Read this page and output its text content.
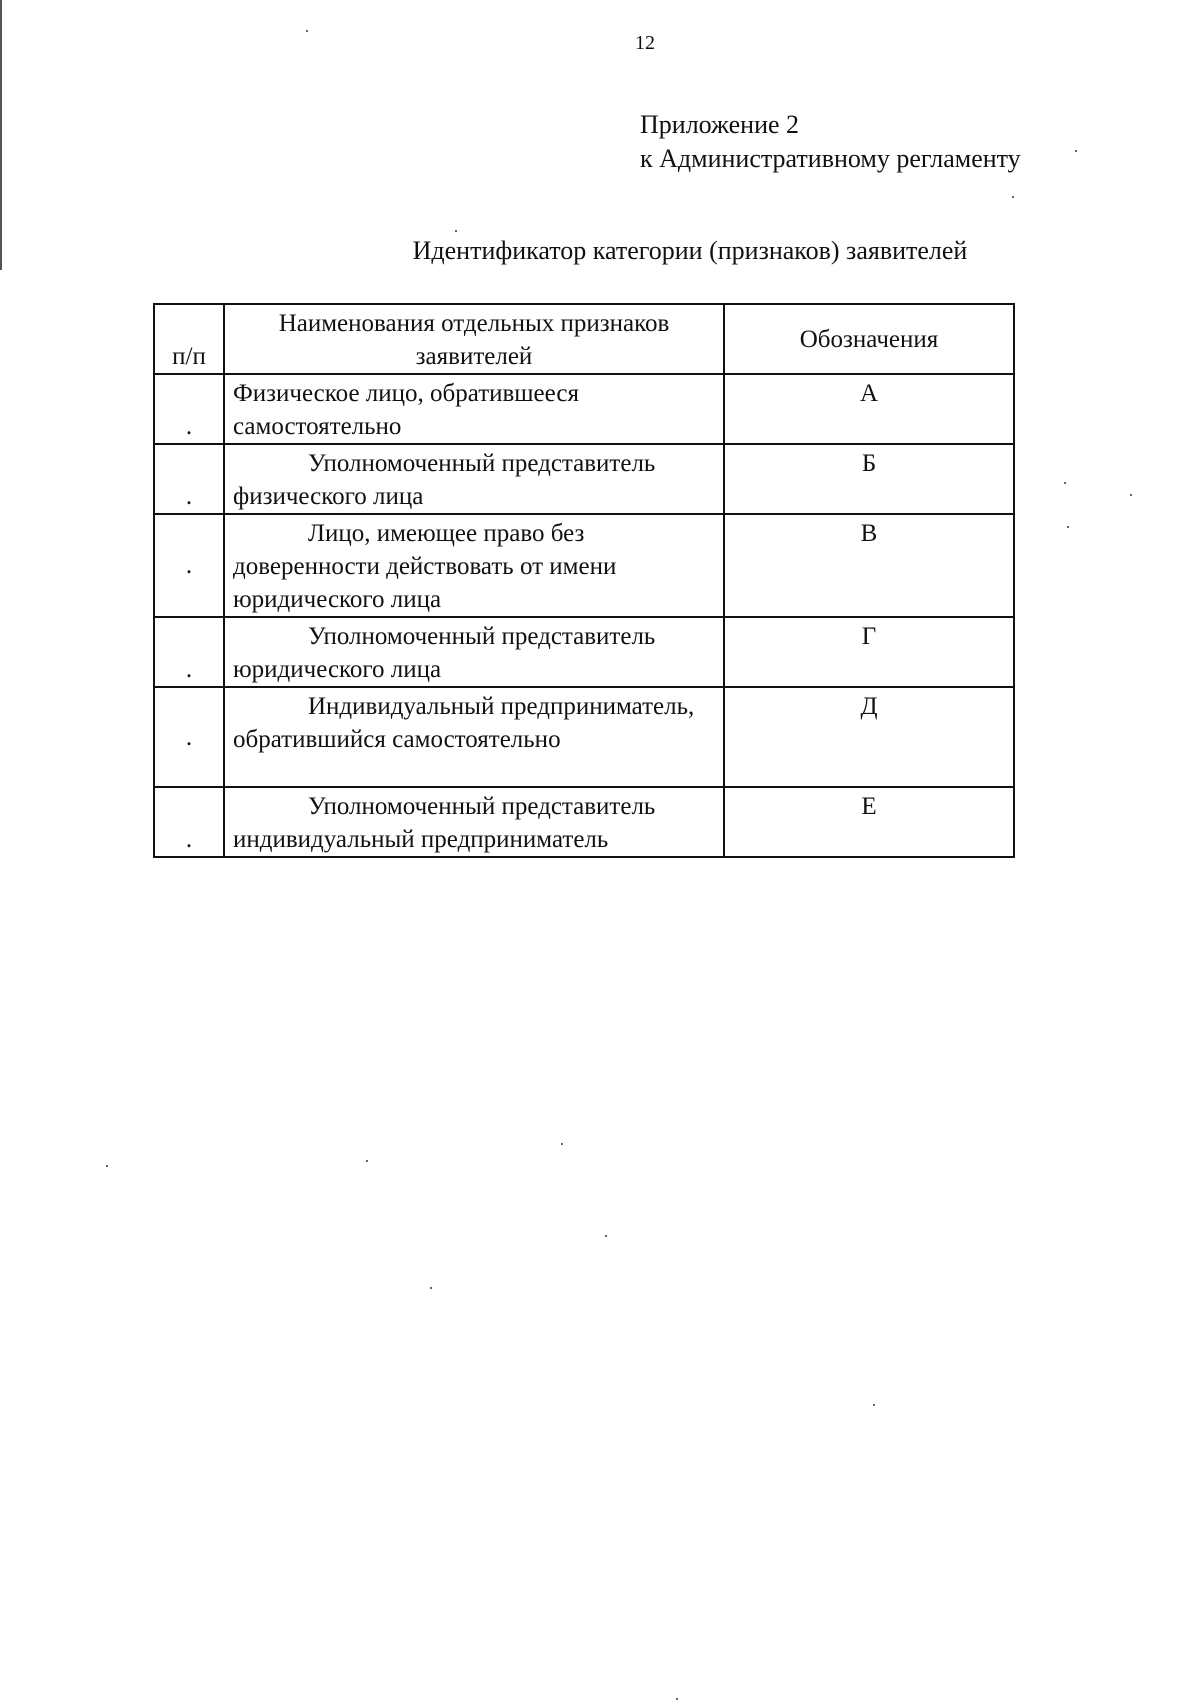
12
Приложение 2
к Административному регламенту
Идентификатор категории (признаков) заявителей
п/п	Наименования отдельных признаков заявителей	Обозначения
.	Физическое лицо, обратившееся самостоятельно	А
.	Уполномоченный представитель физического лица	Б
.	Лицо, имеющее право без доверенности действовать от имени юридического лица	В
.	Уполномоченный представитель юридического лица	Г
.	Индивидуальный предприниматель, обратившийся самостоятельно	Д
.	Уполномоченный представитель индивидуальный предприниматель	Е
